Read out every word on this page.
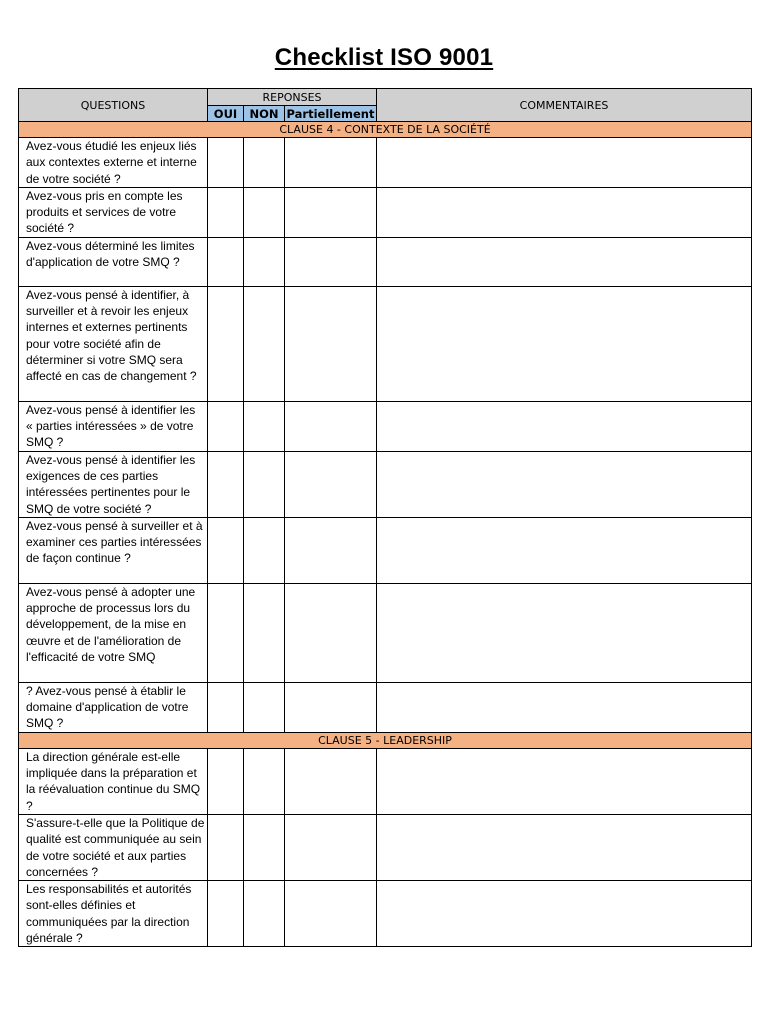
Checklist ISO 9001
QUESTIONS	REPONSES			COMMENTAIRES
	OUI	NON	Partiellement	
CLAUSE 4 - CONTEXTE DE LA SOCIÉTÉ				
Avez-vous étudié les enjeux liés aux contextes externe et interne de votre société ?				
Avez-vous pris en compte les produits et services de votre société ?				
Avez-vous déterminé les limites d'application de votre SMQ ?				
Avez-vous pensé à identifier, à surveiller et à revoir les enjeux internes et externes pertinents pour votre société afin de déterminer si votre SMQ sera affecté en cas de changement ?				
Avez-vous pensé à identifier les « parties intéressées » de votre SMQ ?				
Avez-vous pensé à identifier les exigences de ces parties intéressées pertinentes pour le SMQ de votre société ?				
Avez-vous pensé à surveiller et à examiner ces parties intéressées de façon continue ?				
Avez-vous pensé à adopter une approche de processus lors du développement, de la mise en œuvre et de l'amélioration de l'efficacité de votre SMQ				
? Avez-vous pensé à établir le domaine d'application de votre SMQ ?				
CLAUSE 5 - LEADERSHIP				
La direction générale est-elle impliquée dans la préparation et la réévaluation continue du SMQ ?				
S'assure-t-elle que la Politique de qualité est communiquée au sein de votre société et aux parties concernées ?				
Les responsabilités et autorités sont-elles définies et communiquées par la direction générale ?				
